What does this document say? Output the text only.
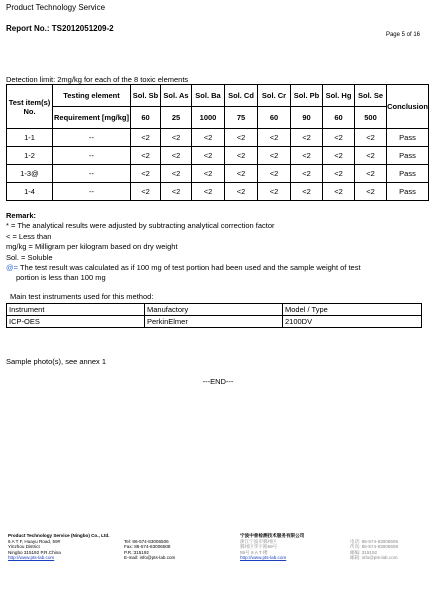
Product Technology Service
Report No.: TS2012051209-2
Page 5 of 16
Detection limit: 2mg/kg for each of the 8 toxic elements
Test item(s) No.	Testing element	Sol. Sb	Sol. As	Sol. Ba	Sol. Cd	Sol. Cr	Sol. Pb	Sol. Hg	Sol. Se	Conclusion
	Requirement [mg/kg]	60	25	1000	75	60	90	60	500	
1-1	--	<2	<2	<2	<2	<2	<2	<2	<2	Pass
1-2	--	<2	<2	<2	<2	<2	<2	<2	<2	Pass
1-3@	--	<2	<2	<2	<2	<2	<2	<2	<2	Pass
1-4	--	<2	<2	<2	<2	<2	<2	<2	<2	Pass
Remark:
* = The analytical results were adjusted by subtracting analytical correction factor
< = Less than
mg/kg = Milligram per kilogram based on dry weight
Sol. = Soluble
@= The test result was calculated as if 100 mg of test portion had been used and the sample weight of test
portion is less than 100 mg
Main test instruments used for this method:
Instrument	Manufactory	Model / Type
ICP-OES	PerkinElmer	2100DV
Sample photo(s), see annex 1
---END---
Product Technology Service (Ningbo) Co., Ltd.
6 A T F, Huayu Road, 59#
Yinzhou District
Ningbo 315192 P.R.China
http://www.pts-lab.com

Tel: 86-574-83006506
Fax: 86-574-83006508
P.R.:315192
E-mail: info@pts-lab.com
宁波中普检测技术服务有限公司
浙江宁波市鄞州区
鄞州区华宇路59号
59号 6 A T 楼
http://www.pts-lab.com

电话: 86-574-83006506
传真: 86-574-83006508
邮编: 315192
邮箱: info@pts-lab.com
